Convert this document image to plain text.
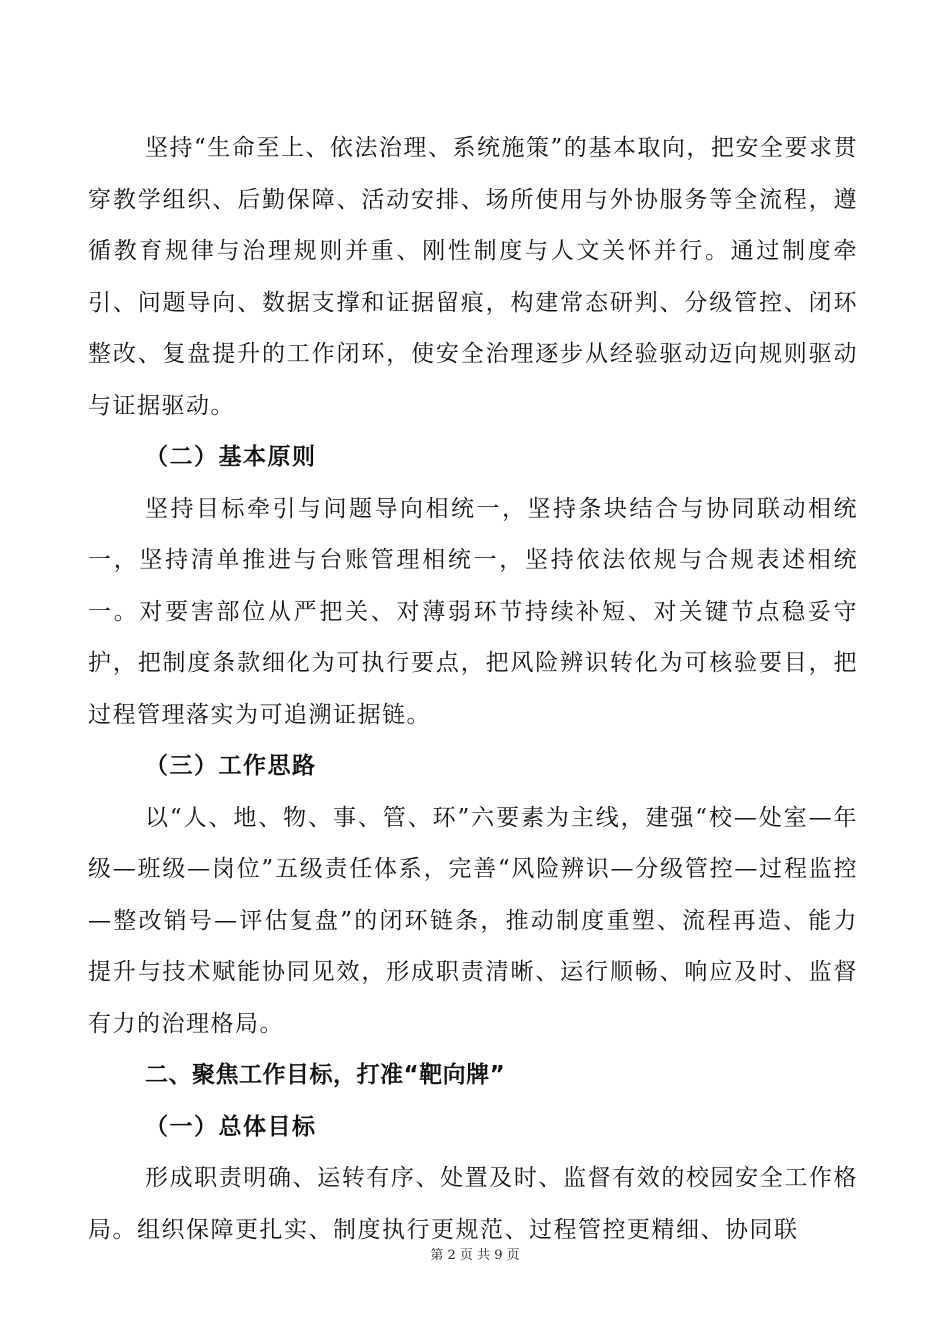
坚持“生命至上、依法治理、系统施策”的基本取向，把安全要求贯穿教学组织、后勤保障、活动安排、场所使用与外协服务等全流程，遵循教育规律与治理规则并重、刚性制度与人文关怀并行。通过制度牵引、问题导向、数据支撑和证据留痕，构建常态研判、分级管控、闭环整改、复盘提升的工作闭环，使安全治理逐步从经验驱动迈向规则驱动与证据驱动。

（二）基本原则

坚持目标牵引与问题导向相统一，坚持条块结合与协同联动相统一，坚持清单推进与台账管理相统一，坚持依法依规与合规表述相统一。对要害部位从严把关、对薄弱环节持续补短、对关键节点稳妥守护，把制度条款细化为可执行要点，把风险辨识转化为可核验要目，把过程管理落实为可追溯证据链。

（三）工作思路

以“人、地、物、事、管、环”六要素为主线，建强“校—处室—年级—班级—岗位”五级责任体系，完善“风险辨识—分级管控—过程监控—整改销号—评估复盘”的闭环链条，推动制度重塑、流程再造、能力提升与技术赋能协同见效，形成职责清晰、运行顺畅、响应及时、监督有力的治理格局。

二、聚焦工作目标，打准“靶向牌”

（一）总体目标

形成职责明确、运转有序、处置及时、监督有效的校园安全工作格局。组织保障更扎实、制度执行更规范、过程管控更精细、协同联

第 2 页 共 9 页
